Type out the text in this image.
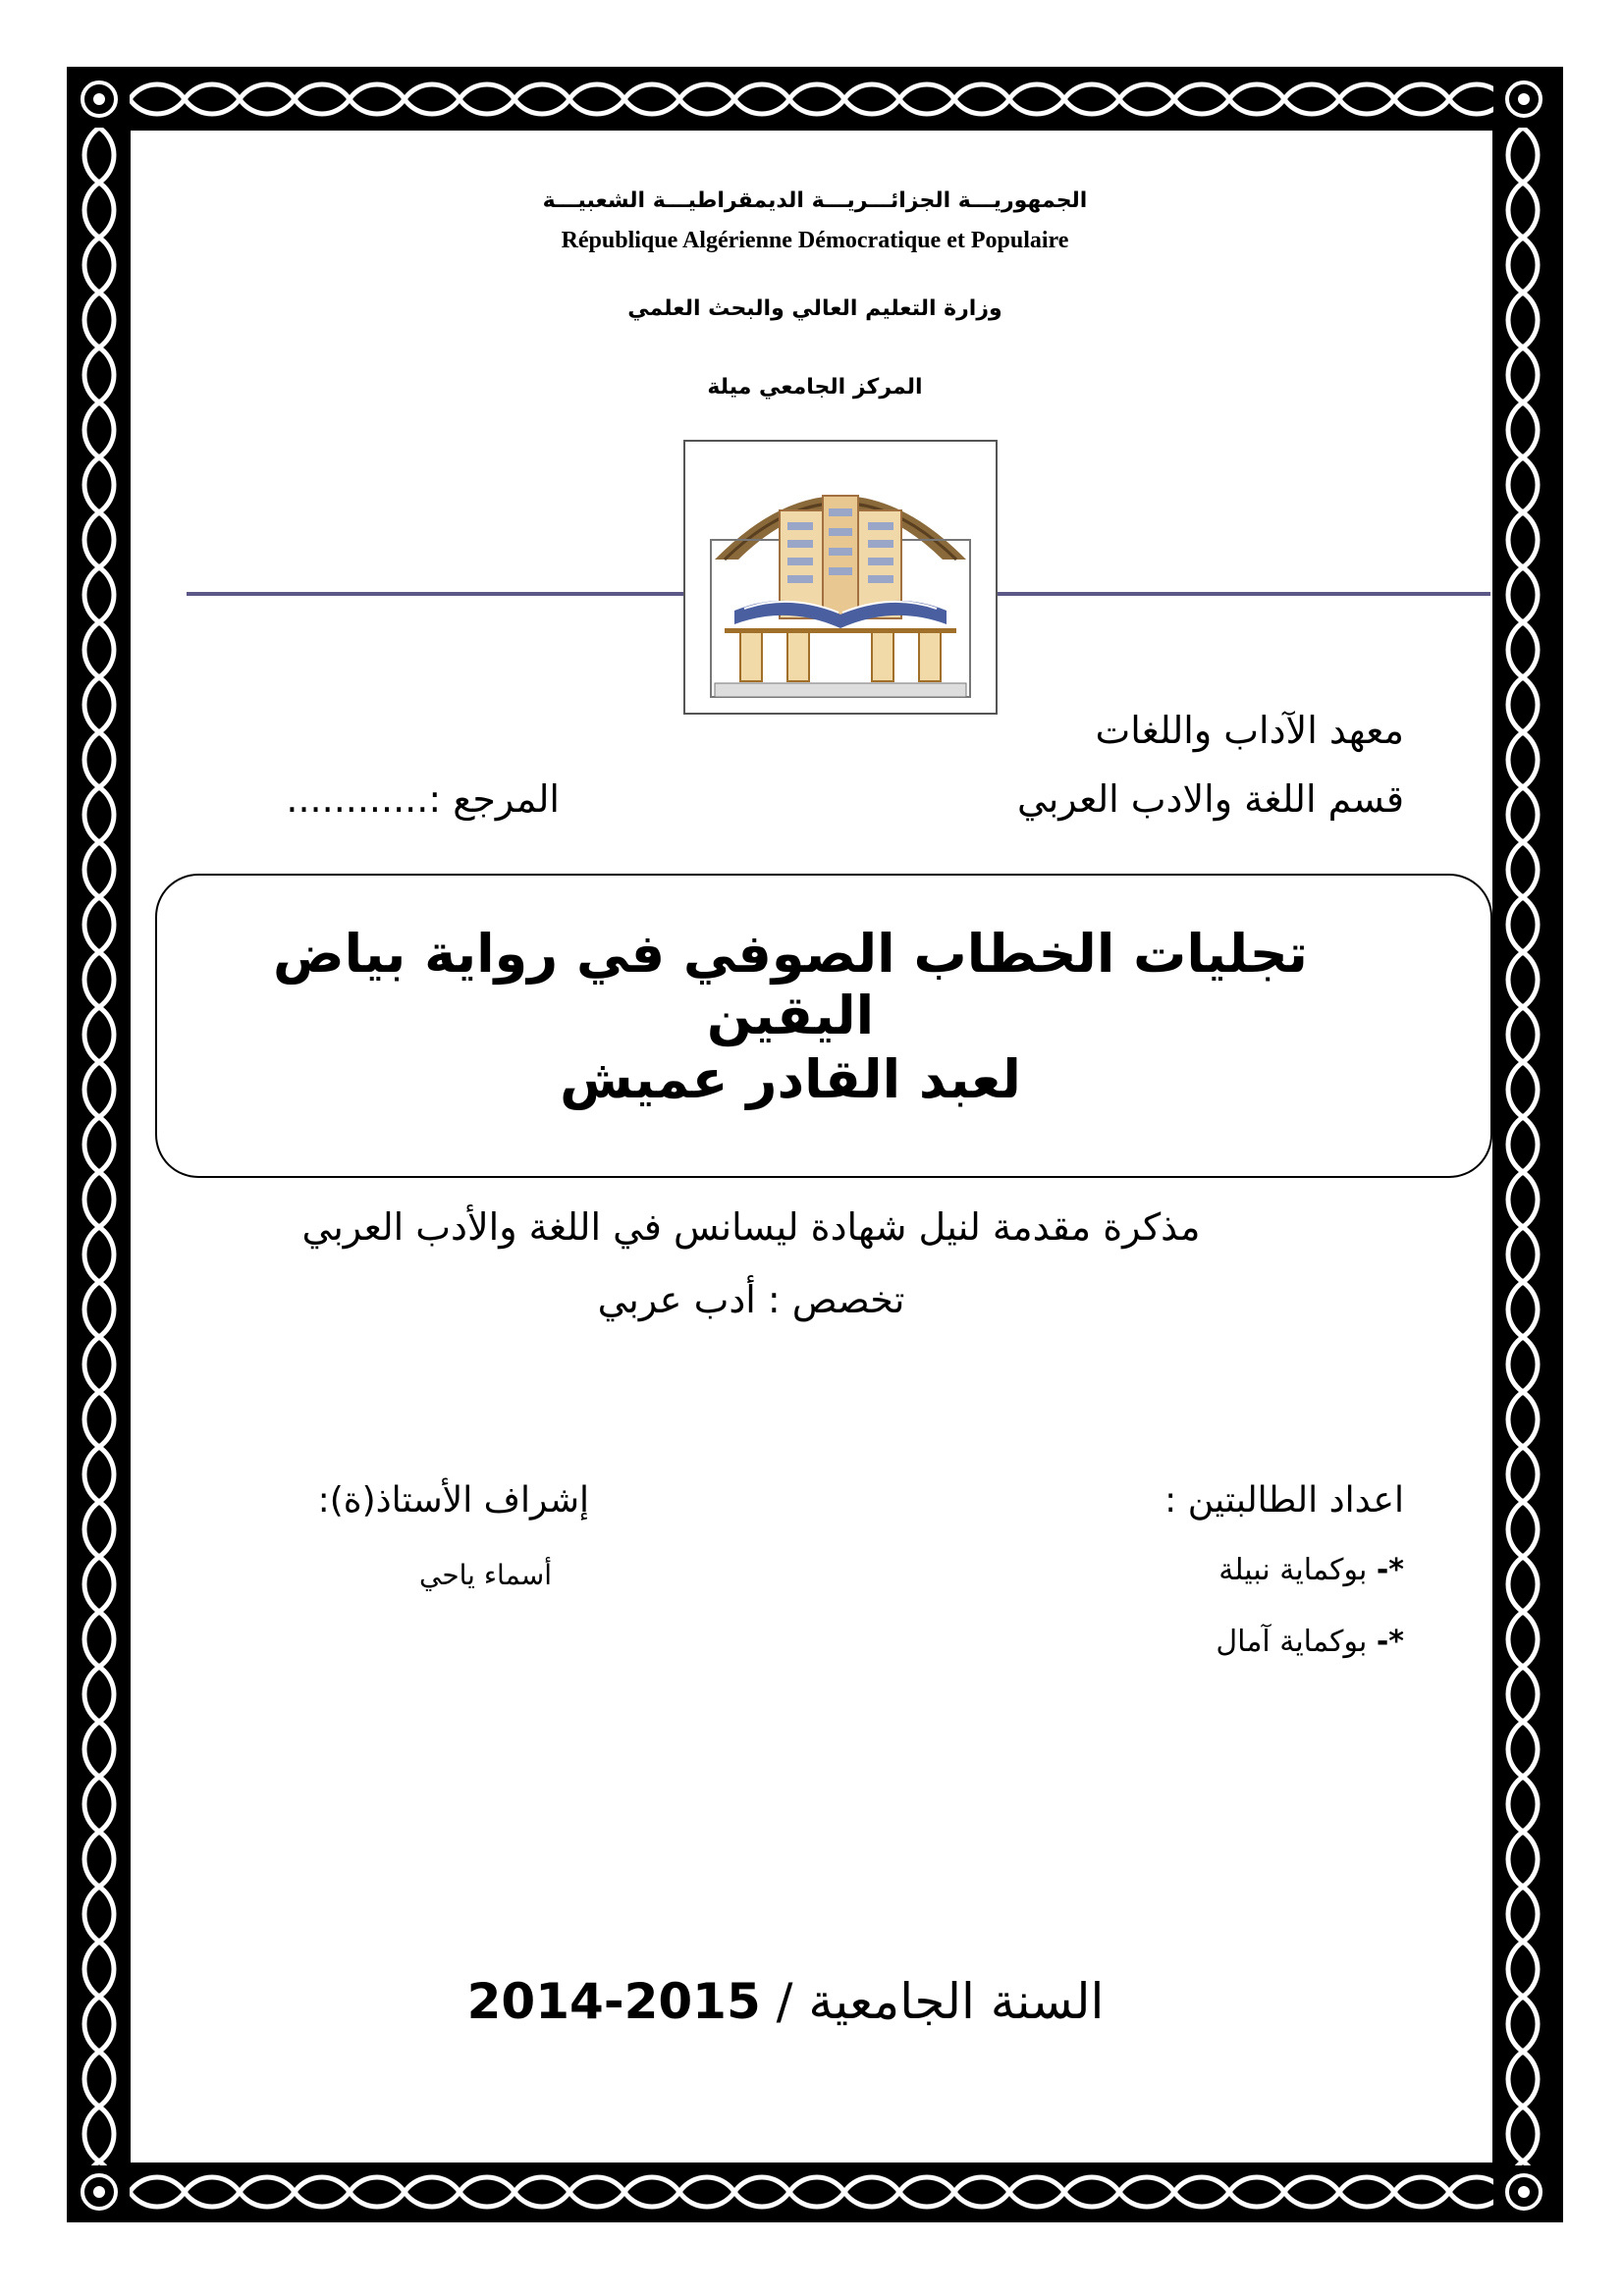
الجمهوريـــة الجزائـــريـــة الديمقراطيـــة الشعبيـــة
République Algérienne Démocratique et Populaire
وزارة التعليم العالي والبحث العلمي
المركز الجامعي ميلة
معهد الآداب واللغات
قسم اللغة والادب العربي
المرجع :............
تجليات الخطاب الصوفي في رواية بياض اليقين
لعبد القادر عميش
مذكرة مقدمة لنيل شهادة ليسانس في اللغة والأدب العربي
تخصص : أدب عربي
اعداد الطالبتين :
إشراف الأستاذ(ة):
*- بوكماية نبيلة
*- بوكماية آمال
أسماء ياحي
السنة الجامعية / 2015-2014
